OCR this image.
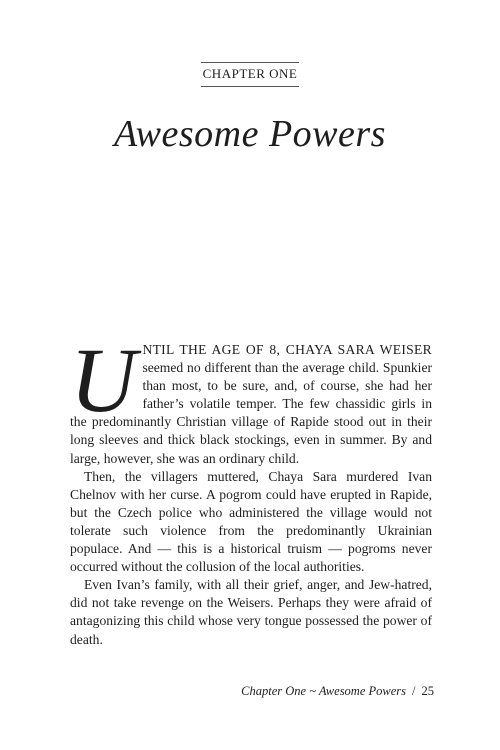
CHAPTER ONE
Awesome Powers

UNTIL THE AGE OF 8, CHAYA SARA WEISER seemed no different than the average child. Spunkier than most, to be sure, and, of course, she had her father’s volatile temper. The few chassidic girls in the predominantly Christian village of Rapide stood out in their long sleeves and thick black stockings, even in summer. By and large, however, she was an ordinary child.

Then, the villagers muttered, Chaya Sara murdered Ivan Chelnov with her curse. A pogrom could have erupted in Rapide, but the Czech police who administered the village would not tolerate such violence from the predominantly Ukrainian populace. And — this is a historical truism — pogroms never occurred without the collusion of the local authorities.

Even Ivan’s family, with all their grief, anger, and Jew-hatred, did not take revenge on the Weisers. Perhaps they were afraid of antagonizing this child whose very tongue possessed the power of death.

Chapter One ~ Awesome Powers / 25
